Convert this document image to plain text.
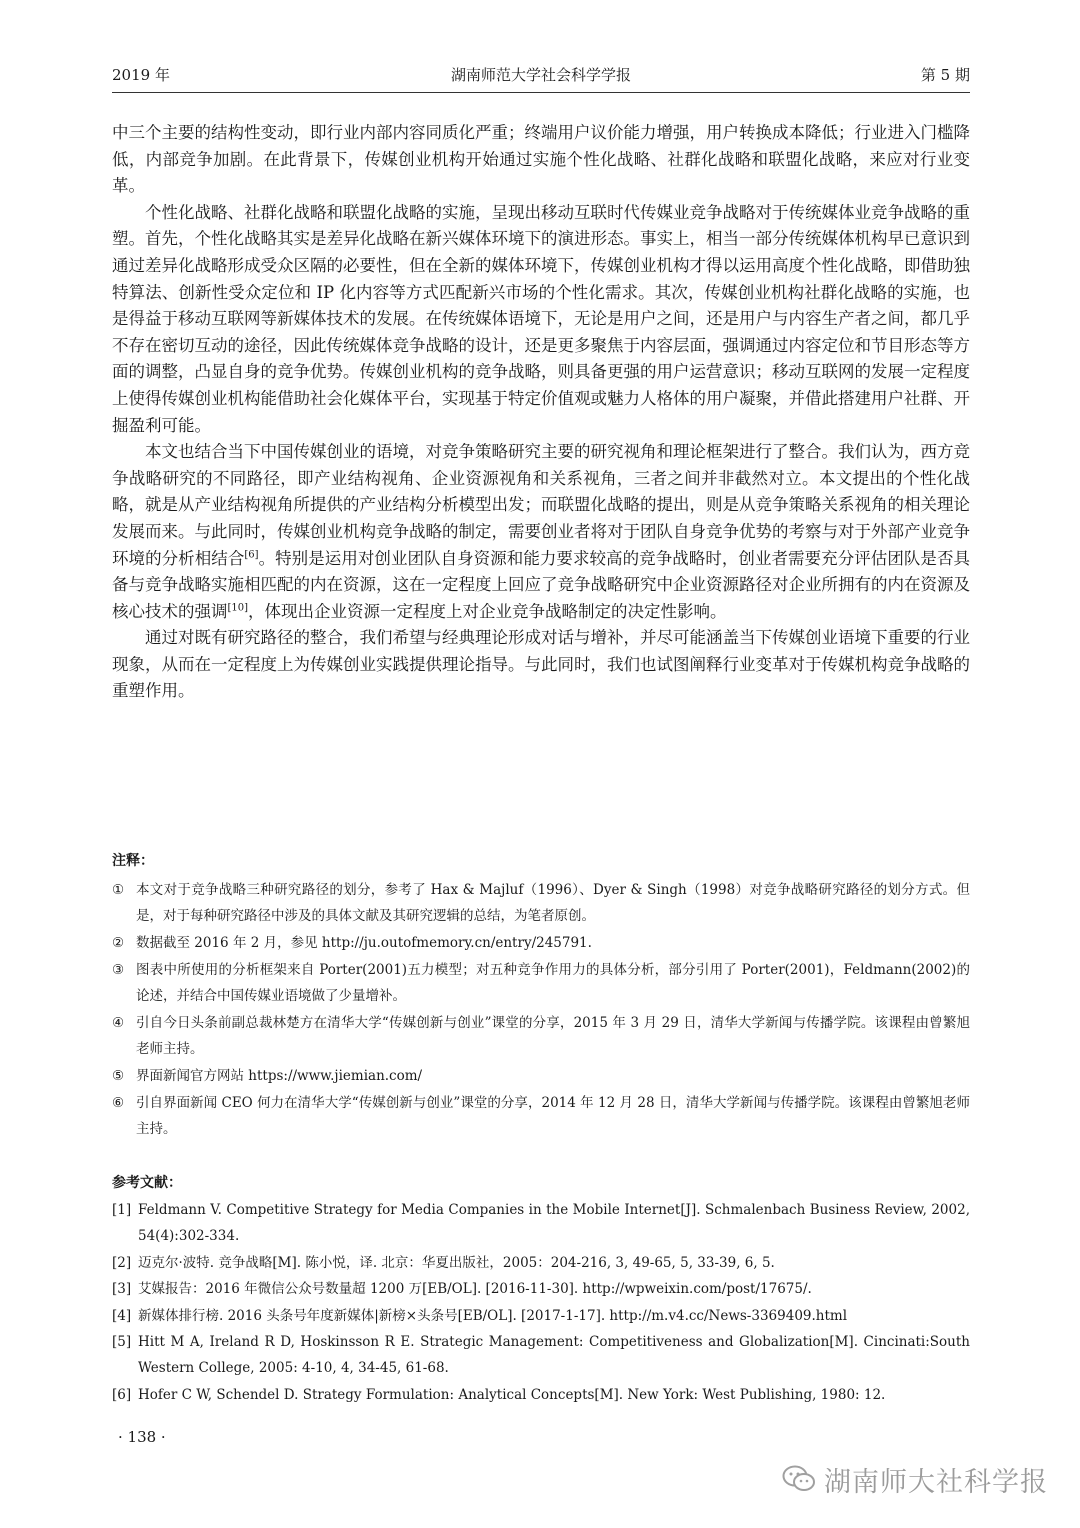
2019 年	湖南师范大学社会科学学报	第 5 期

中三个主要的结构性变动，即行业内部内容同质化严重；终端用户议价能力增强，用户转换成本降低；行业进入门槛降低，内部竞争加剧。在此背景下，传媒创业机构开始通过实施个性化战略、社群化战略和联盟化战略，来应对行业变革。

个性化战略、社群化战略和联盟化战略的实施，呈现出移动互联时代传媒业竞争战略对于传统媒体业竞争战略的重塑。首先，个性化战略其实是差异化战略在新兴媒体环境下的演进形态。事实上，相当一部分传统媒体机构早已意识到通过差异化战略形成受众区隔的必要性，但在全新的媒体环境下，传媒创业机构才得以运用高度个性化战略，即借助独特算法、创新性受众定位和 IP 化内容等方式匹配新兴市场的个性化需求。其次，传媒创业机构社群化战略的实施，也是得益于移动互联网等新媒体技术的发展。在传统媒体语境下，无论是用户之间，还是用户与内容生产者之间，都几乎不存在密切互动的途径，因此传统媒体竞争战略的设计，还是更多聚焦于内容层面，强调通过内容定位和节目形态等方面的调整，凸显自身的竞争优势。传媒创业机构的竞争战略，则具备更强的用户运营意识；移动互联网的发展一定程度上使得传媒创业机构能借助社会化媒体平台，实现基于特定价值观或魅力人格体的用户凝聚，并借此搭建用户社群、开掘盈利可能。

本文也结合当下中国传媒创业的语境，对竞争策略研究主要的研究视角和理论框架进行了整合。我们认为，西方竞争战略研究的不同路径，即产业结构视角、企业资源视角和关系视角，三者之间并非截然对立。本文提出的个性化战略，就是从产业结构视角所提供的产业结构分析模型出发；而联盟化战略的提出，则是从竞争策略关系视角的相关理论发展而来。与此同时，传媒创业机构竞争战略的制定，需要创业者将对于团队自身竞争优势的考察与对于外部产业竞争环境的分析相结合[6]。特别是运用对创业团队自身资源和能力要求较高的竞争战略时，创业者需要充分评估团队是否具备与竞争战略实施相匹配的内在资源，这在一定程度上回应了竞争战略研究中企业资源路径对企业所拥有的内在资源及核心技术的强调[10]，体现出企业资源一定程度上对企业竞争战略制定的决定性影响。

通过对既有研究路径的整合，我们希望与经典理论形成对话与增补，并尽可能涵盖当下传媒创业语境下重要的行业现象，从而在一定程度上为传媒创业实践提供理论指导。与此同时，我们也试图阐释行业变革对于传媒机构竞争战略的重塑作用。

注释：
① 本文对于竞争战略三种研究路径的划分，参考了 Hax & Majluf（1996）、Dyer & Singh（1998）对竞争战略研究路径的划分方式。但是，对于每种研究路径中涉及的具体文献及其研究逻辑的总结，为笔者原创。
② 数据截至 2016 年 2 月，参见 http://ju.outofmemory.cn/entry/245791.
③ 图表中所使用的分析框架来自 Porter(2001)五力模型；对五种竞争作用力的具体分析，部分引用了 Porter(2001)，Feldmann(2002)的论述，并结合中国传媒业语境做了少量增补。
④ 引自今日头条前副总裁林楚方在清华大学“传媒创新与创业”课堂的分享，2015 年 3 月 29 日，清华大学新闻与传播学院。该课程由曾繁旭老师主持。
⑤ 界面新闻官方网站 https://www.jiemian.com/
⑥ 引自界面新闻 CEO 何力在清华大学“传媒创新与创业”课堂的分享，2014 年 12 月 28 日，清华大学新闻与传播学院。该课程由曾繁旭老师主持。
参考文献：
[1] Feldmann V. Competitive Strategy for Media Companies in the Mobile Internet[J]. Schmalenbach Business Review, 2002, 54(4):302-334.
[2] 迈克尔·波特. 竞争战略[M]. 陈小悦，译. 北京：华夏出版社，2005：204-216, 3, 49-65, 5, 33-39, 6, 5.
[3] 艾媒报告：2016 年微信公众号数量超 1200 万[EB/OL]. [2016-11-30]. http://wpweixin.com/post/17675/.
[4] 新媒体排行榜. 2016 头条号年度新媒体|新榜×头条号[EB/OL]. [2017-1-17]. http://m.v4.cc/News-3369409.html
[5] Hitt M A, Ireland R D, Hoskinsson R E. Strategic Management: Competitiveness and Globalization[M]. Cincinati:South Western College, 2005: 4-10, 4, 34-45, 61-68.
[6] Hofer C W, Schendel D. Strategy Formulation: Analytical Concepts[M]. New York: West Publishing, 1980: 12.
· 138 ·
湖南师大社科学报
